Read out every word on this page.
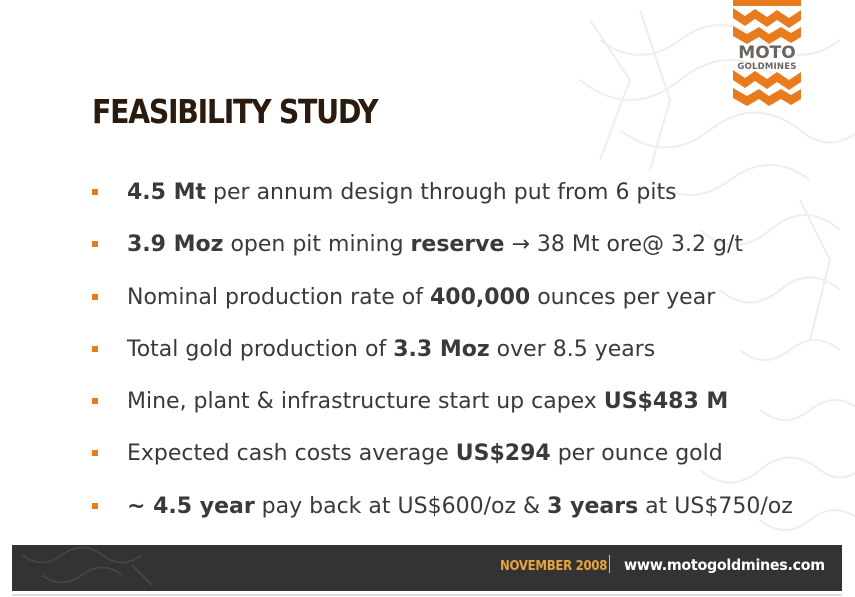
MOTO
GOLDMINES
FEASIBILITY STUDY
4.5 Mt per annum design through put from 6 pits
3.9 Moz open pit mining reserve → 38 Mt ore@ 3.2 g/t
Nominal production rate of 400,000 ounces per year
Total gold production of 3.3 Moz over 8.5 years
Mine, plant & infrastructure start up capex US$483 M
Expected cash costs average US$294 per ounce gold
~ 4.5 year pay back at US$600/oz & 3 years at US$750/oz
NOVEMBER 2008 www.motogoldmines.com
